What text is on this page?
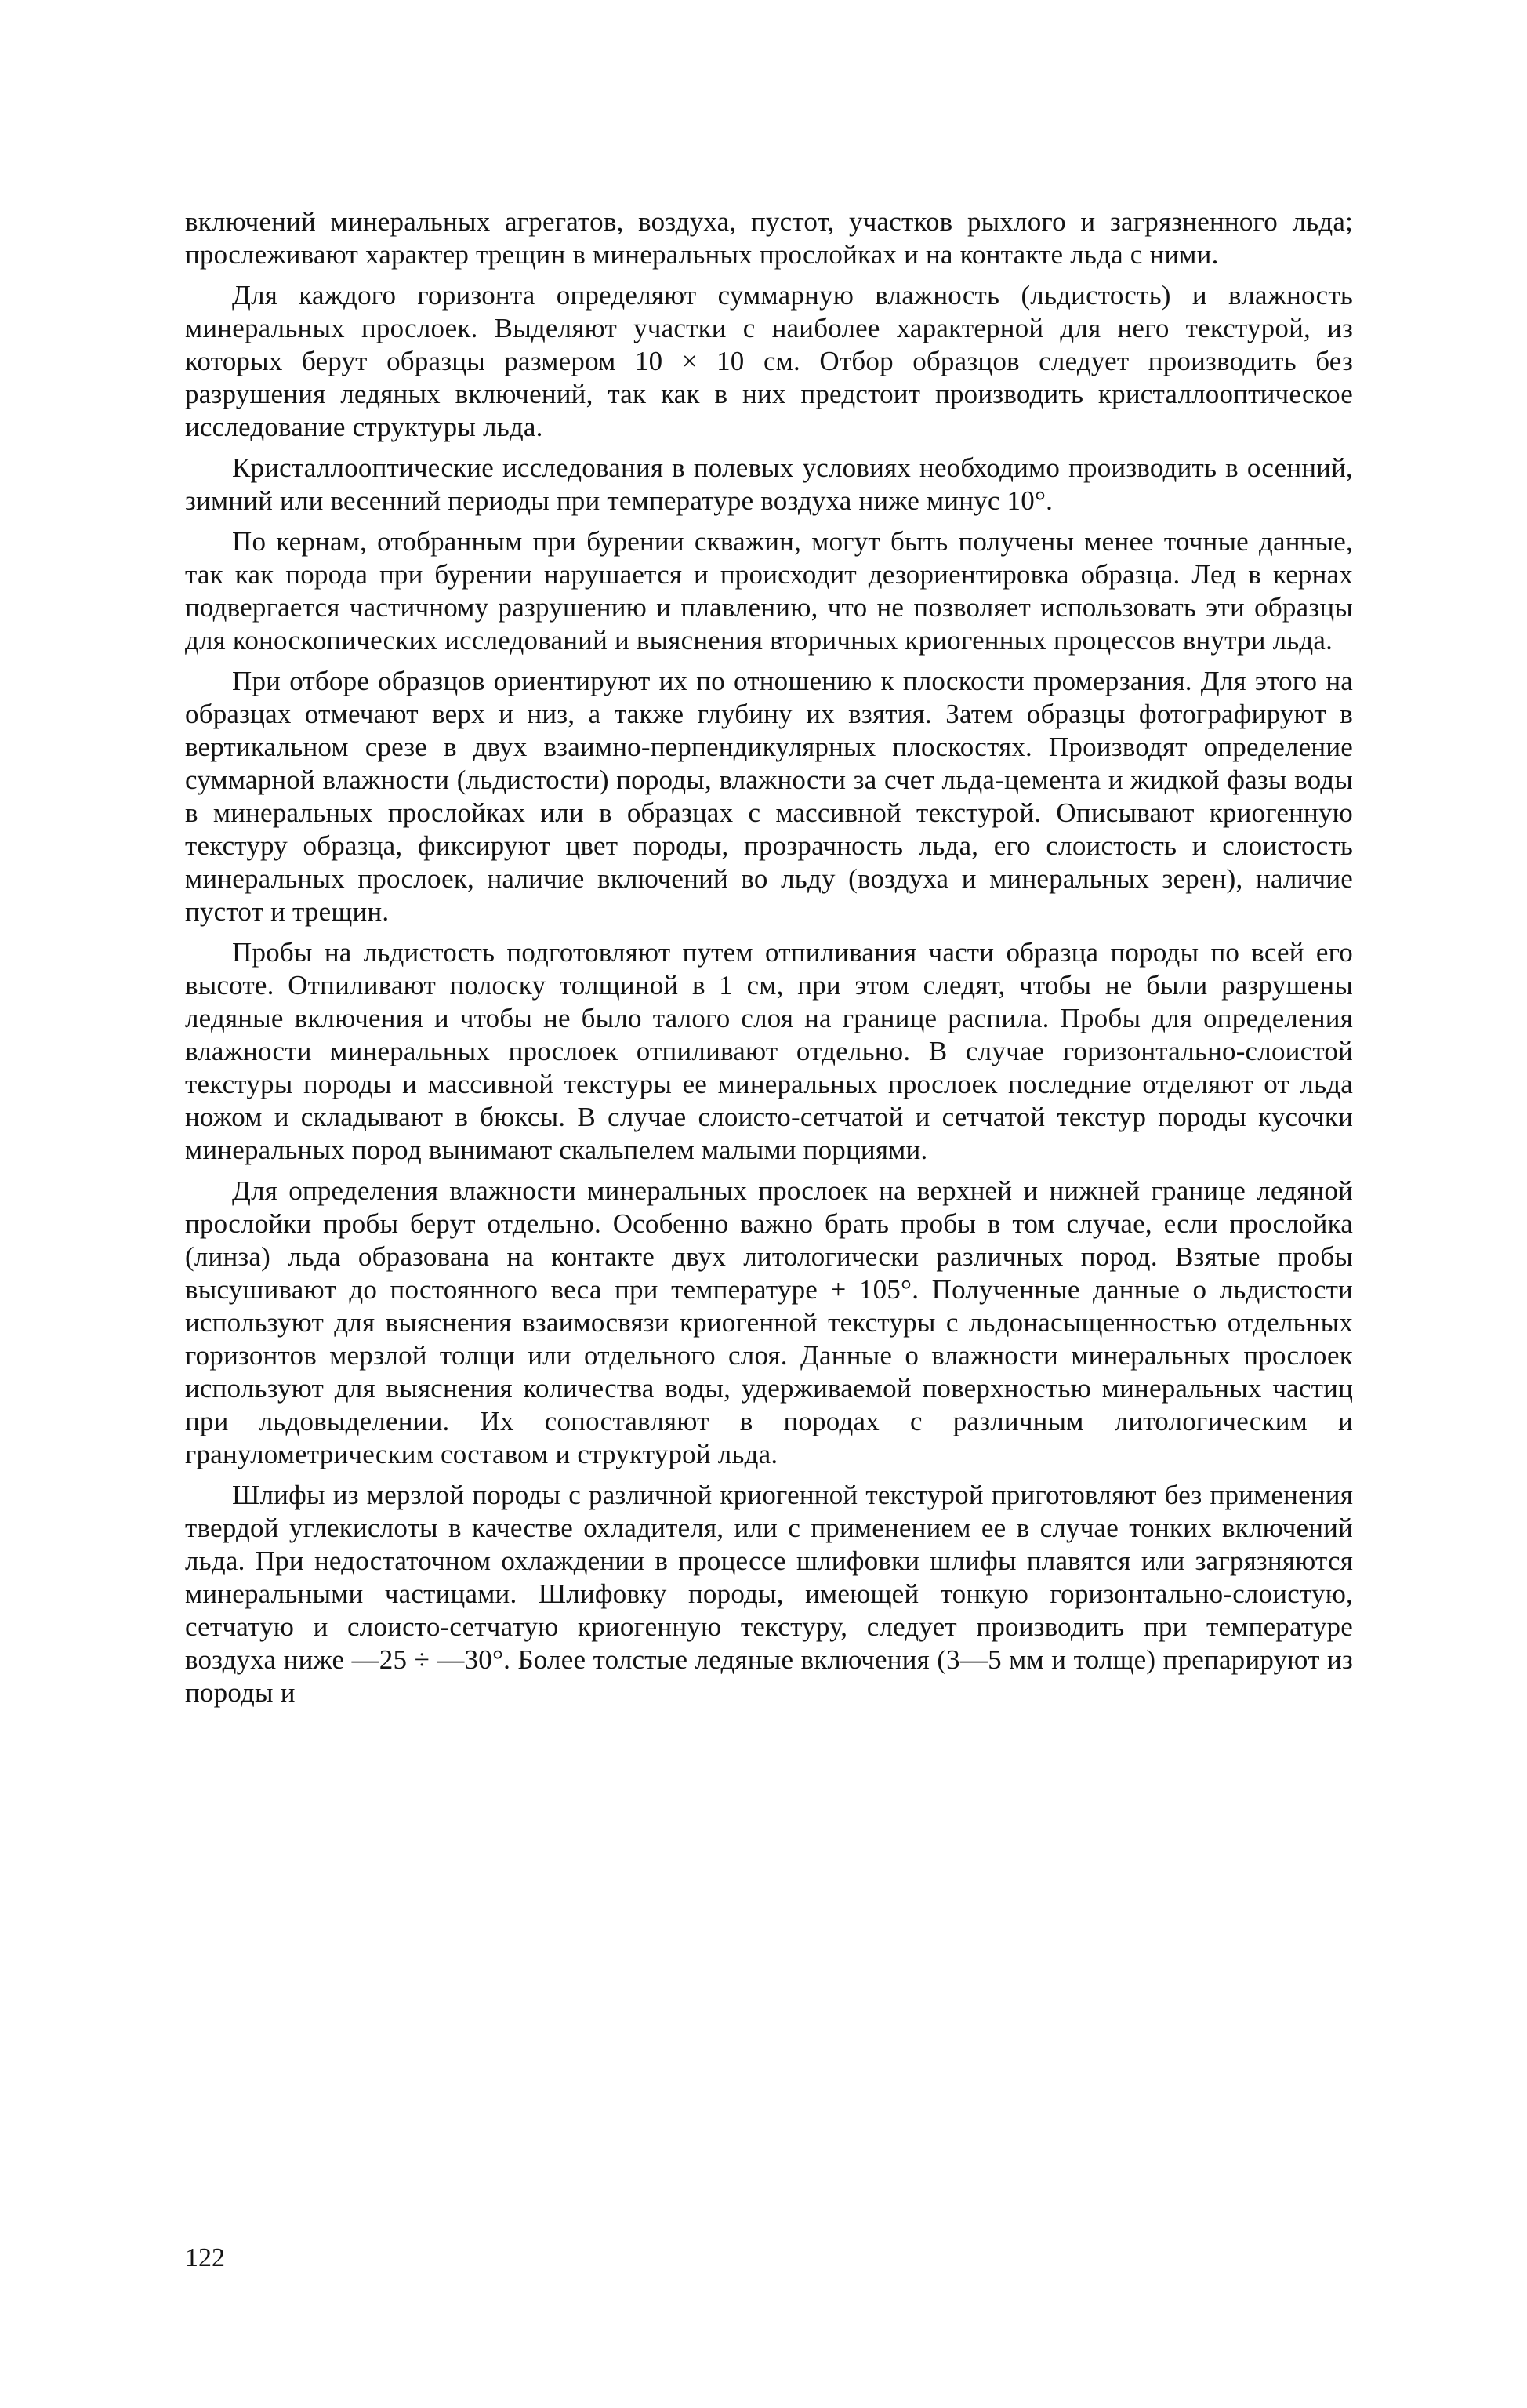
включений минеральных агрегатов, воздуха, пустот, участков рыхлого и загрязненного льда; прослеживают характер трещин в минеральных прослойках и на контакте льда с ними.

Для каждого горизонта определяют суммарную влажность (льдистость) и влажность минеральных прослоек. Выделяют участки с наиболее характерной для него текстурой, из которых берут образцы размером 10 × 10 см. Отбор образцов следует производить без разрушения ледяных включений, так как в них предстоит производить кристаллооптическое исследование структуры льда.

Кристаллооптические исследования в полевых условиях необходимо производить в осенний, зимний или весенний периоды при температуре воздуха ниже минус 10°.

По кернам, отобранным при бурении скважин, могут быть получены менее точные данные, так как порода при бурении нарушается и происходит дезориентировка образца. Лед в кернах подвергается частичному разрушению и плавлению, что не позволяет использовать эти образцы для коноскопических исследований и выяснения вторичных криогенных процессов внутри льда.

При отборе образцов ориентируют их по отношению к плоскости промерзания. Для этого на образцах отмечают верх и низ, а также глубину их взятия. Затем образцы фотографируют в вертикальном срезе в двух взаимно-перпендикулярных плоскостях. Производят определение суммарной влажности (льдистости) породы, влажности за счет льда-цемента и жидкой фазы воды в минеральных прослойках или в образцах с массивной текстурой. Описывают криогенную текстуру образца, фиксируют цвет породы, прозрачность льда, его слоистость и слоистость минеральных прослоек, наличие включений во льду (воздуха и минеральных зерен), наличие пустот и трещин.

Пробы на льдистость подготовляют путем отпиливания части образца породы по всей его высоте. Отпиливают полоску толщиной в 1 см, при этом следят, чтобы не были разрушены ледяные включения и чтобы не было талого слоя на границе распила. Пробы для определения влажности минеральных прослоек отпиливают отдельно. В случае горизонтально-слоистой текстуры породы и массивной текстуры ее минеральных прослоек последние отделяют от льда ножом и складывают в бюксы. В случае слоисто-сетчатой и сетчатой текстур породы кусочки минеральных пород вынимают скальпелем малыми порциями.

Для определения влажности минеральных прослоек на верхней и нижней границе ледяной прослойки пробы берут отдельно. Особенно важно брать пробы в том случае, если прослойка (линза) льда образована на контакте двух литологически различных пород. Взятые пробы высушивают до постоянного веса при температуре + 105°. Полученные данные о льдистости используют для выяснения взаимосвязи криогенной текстуры с льдонасыщенностью отдельных горизонтов мерзлой толщи или отдельного слоя. Данные о влажности минеральных прослоек используют для выяснения количества воды, удерживаемой поверхностью минеральных частиц при льдовыделении. Их сопоставляют в породах с различным литологическим и гранулометрическим составом и структурой льда.

Шлифы из мерзлой породы с различной криогенной текстурой приготовляют без применения твердой углекислоты в качестве охладителя, или с применением ее в случае тонких включений льда. При недостаточном охлаждении в процессе шлифовки шлифы плавятся или загрязняются минеральными частицами. Шлифовку породы, имеющей тонкую горизонтально-слоистую, сетчатую и слоисто-сетчатую криогенную текстуру, следует производить при температуре воздуха ниже —25 ÷ —30°. Более толстые ледяные включения (3—5 мм и толще) препарируют из породы и

122
